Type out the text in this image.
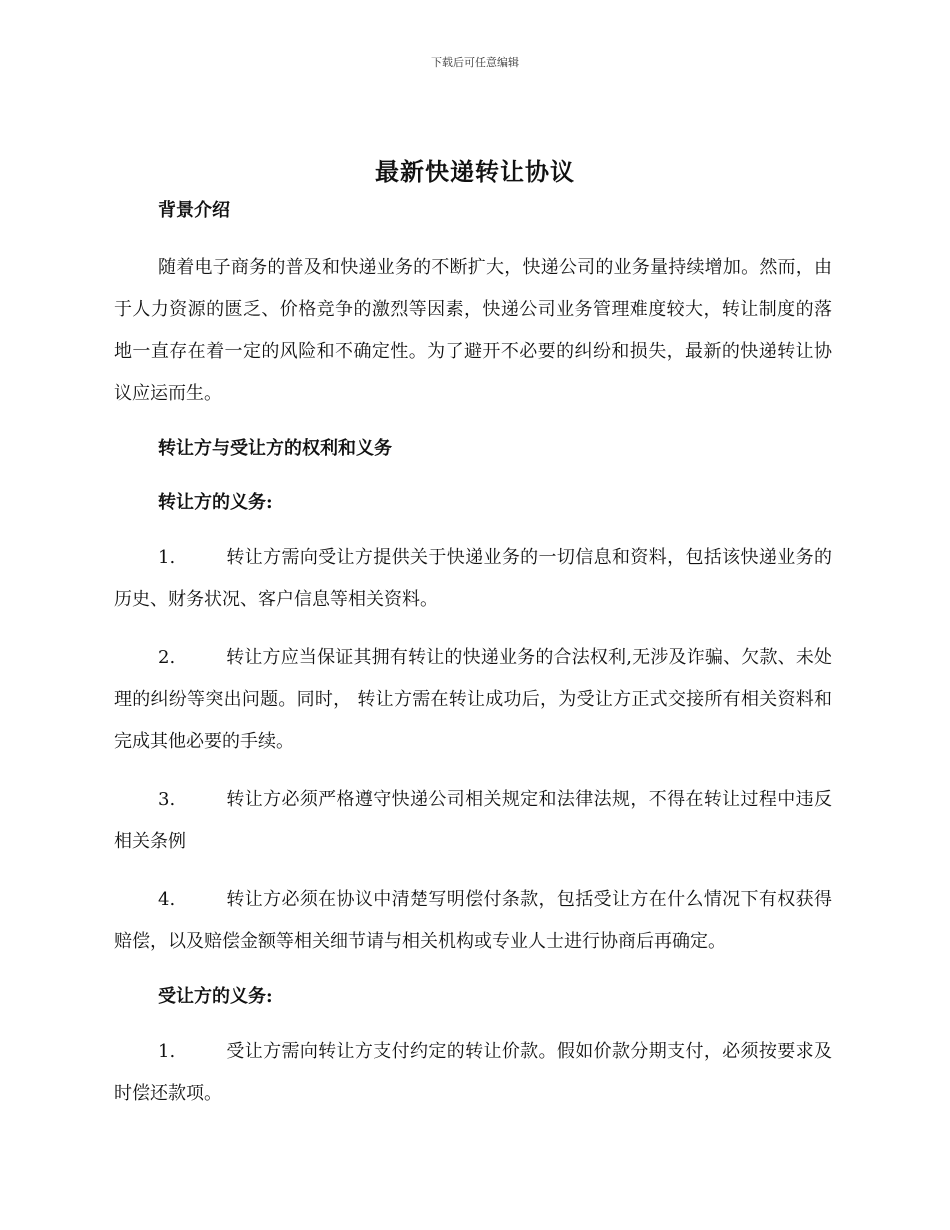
下载后可任意编辑
最新快递转让协议

背景介绍

随着电子商务的普及和快递业务的不断扩大，快递公司的业务量持续增加。然而，由于人力资源的匮乏、价格竞争的激烈等因素，快递公司业务管理难度较大，转让制度的落地一直存在着一定的风险和不确定性。为了避开不必要的纠纷和损失，最新的快递转让协议应运而生。

转让方与受让方的权利和义务

转让方的义务:

1.	转让方需向受让方提供关于快递业务的一切信息和资料，包括该快递业务的历史、财务状况、客户信息等相关资料。

2.	转让方应当保证其拥有转让的快递业务的合法权利,无涉及诈骗、欠款、未处理的纠纷等突出问题。同时， 转让方需在转让成功后，为受让方正式交接所有相关资料和完成其他必要的手续。

3.	转让方必须严格遵守快递公司相关规定和法律法规，不得在转让过程中违反相关条例

4.	转让方必须在协议中清楚写明偿付条款，包括受让方在什么情况下有权获得赔偿，以及赔偿金额等相关细节请与相关机构或专业人士进行协商后再确定。

受让方的义务:

1.	受让方需向转让方支付约定的转让价款。假如价款分期支付，必须按要求及时偿还款项。
